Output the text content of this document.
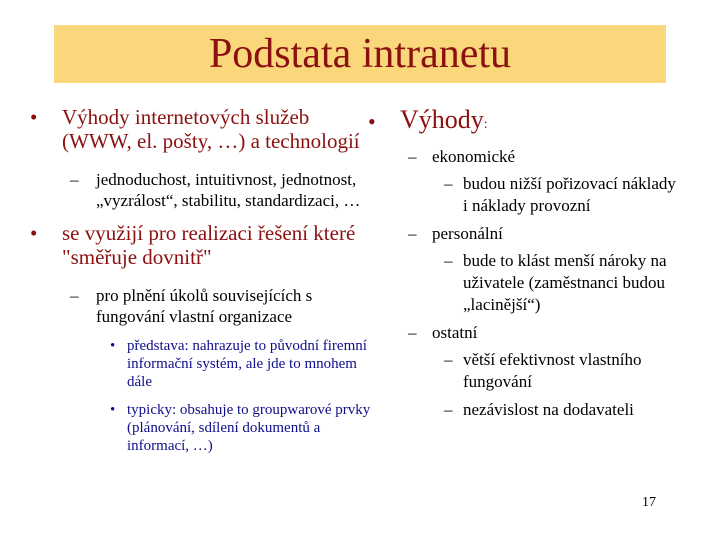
Podstata intranetu
• Výhody internetových služeb (WWW, el. pošty, …) a technologií
– jednoduchost, intuitivnost, jednotnost, „vyzrálost“, stabilitu, standardizaci, …
• se využijí pro realizaci řešení které "směřuje dovnitř"
– pro plnění úkolů souvisejících s fungování vlastní organizace
• představa: nahrazuje to původní firemní informační systém, ale jde to mnohem dále
• typicky: obsahuje to groupwarové prvky (plánování, sdílení dokumentů a informací, …)
• Výhody:
– ekonomické
– budou nižší pořizovací náklady i náklady provozní
– personální
– bude to klást menší nároky na uživatele (zaměstnanci budou „lacinější“)
– ostatní
– větší efektivnost vlastního fungování
– nezávislost na dodavateli
17
